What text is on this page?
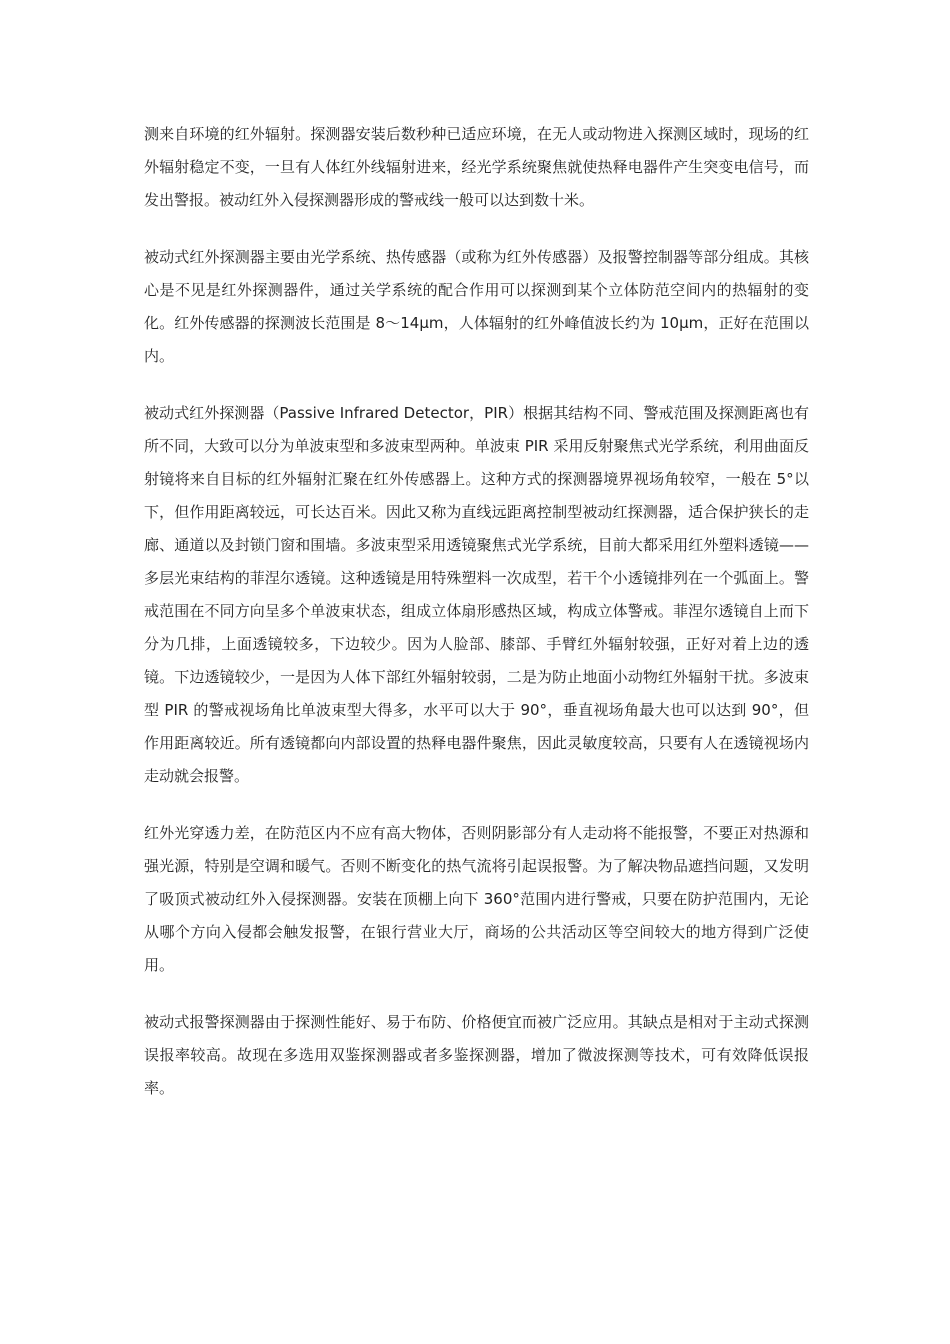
测来自环境的红外辐射。探测器安装后数秒种已适应环境，在无人或动物进入探测区域时，现场的红外辐射稳定不变，一旦有人体红外线辐射进来，经光学系统聚焦就使热释电器件产生突变电信号，而发出警报。被动红外入侵探测器形成的警戒线一般可以达到数十米。

被动式红外探测器主要由光学系统、热传感器（或称为红外传感器）及报警控制器等部分组成。其核心是不见是红外探测器件，通过关学系统的配合作用可以探测到某个立体防范空间内的热辐射的变化。红外传感器的探测波长范围是 8～14μm，人体辐射的红外峰值波长约为 10μm，正好在范围以内。

被动式红外探测器（Passive Infrared Detector，PIR）根据其结构不同、警戒范围及探测距离也有所不同，大致可以分为单波束型和多波束型两种。单波束 PIR 采用反射聚焦式光学系统，利用曲面反射镜将来自目标的红外辐射汇聚在红外传感器上。这种方式的探测器境界视场角较窄，一般在 5°以下，但作用距离较远，可长达百米。因此又称为直线远距离控制型被动红探测器，适合保护狭长的走廊、通道以及封锁门窗和围墙。多波束型采用透镜聚焦式光学系统，目前大都采用红外塑料透镜——多层光束结构的菲涅尔透镜。这种透镜是用特殊塑料一次成型，若干个小透镜排列在一个弧面上。警戒范围在不同方向呈多个单波束状态，组成立体扇形感热区域，构成立体警戒。菲涅尔透镜自上而下分为几排，上面透镜较多，下边较少。因为人脸部、膝部、手臂红外辐射较强，正好对着上边的透镜。下边透镜较少，一是因为人体下部红外辐射较弱，二是为防止地面小动物红外辐射干扰。多波束型 PIR 的警戒视场角比单波束型大得多，水平可以大于 90°，垂直视场角最大也可以达到 90°，但作用距离较近。所有透镜都向内部设置的热释电器件聚焦，因此灵敏度较高，只要有人在透镜视场内走动就会报警。

红外光穿透力差，在防范区内不应有高大物体，否则阴影部分有人走动将不能报警，不要正对热源和强光源，特别是空调和暖气。否则不断变化的热气流将引起误报警。为了解决物品遮挡问题，又发明了吸顶式被动红外入侵探测器。安装在顶棚上向下 360°范围内进行警戒，只要在防护范围内，无论从哪个方向入侵都会触发报警，在银行营业大厅，商场的公共活动区等空间较大的地方得到广泛使用。

被动式报警探测器由于探测性能好、易于布防、价格便宜而被广泛应用。其缺点是相对于主动式探测误报率较高。故现在多选用双鉴探测器或者多鉴探测器，增加了微波探测等技术，可有效降低误报率。
